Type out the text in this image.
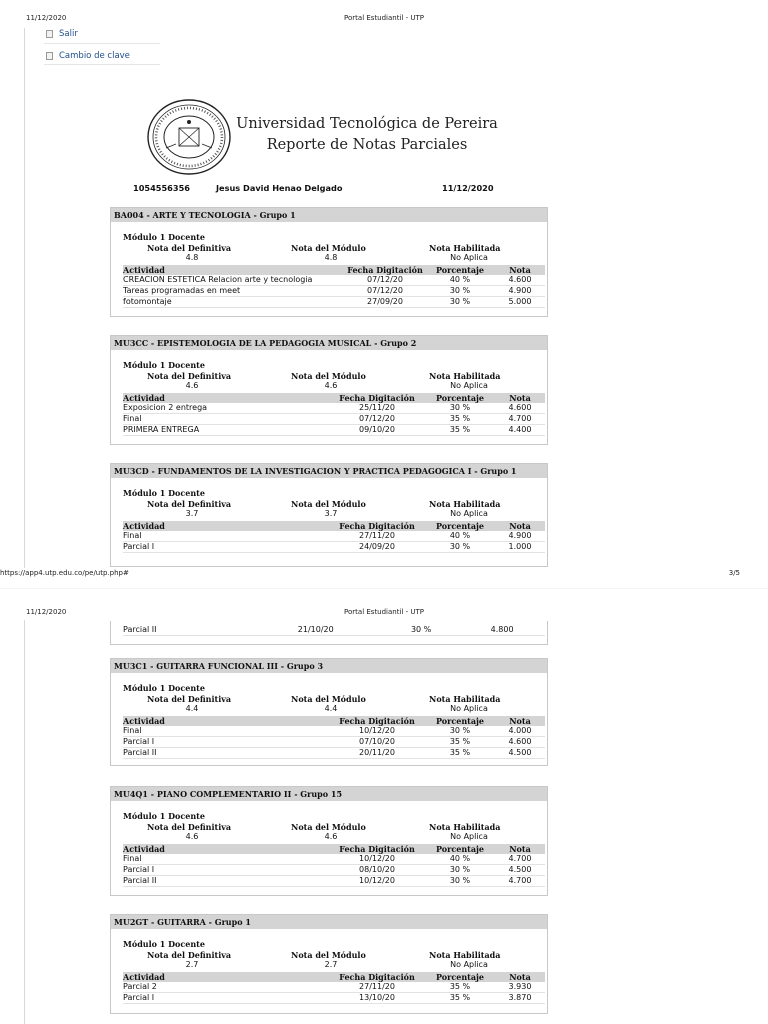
11/12/2020	Portal Estudiantil - UTP
Salir
Cambio de clave
Universidad Tecnológica de Pereira
Reporte de Notas Parciales
1054556356	Jesus David Henao Delgado	11/12/2020
BA004 - ARTE Y TECNOLOGIA - Grupo 1
Módulo 1 Docente
Nota del Definitiva	Nota del Módulo	Nota Habilitada
4.8	4.8	No Aplica
Actividad	Fecha Digitación	Porcentaje	Nota
CREACION ESTETICA Relacion arte y tecnologia	07/12/20	40 %	4.600
Tareas programadas en meet	07/12/20	30 %	4.900
fotomontaje	27/09/20	30 %	5.000
MU3CC - EPISTEMOLOGIA DE LA PEDAGOGIA MUSICAL - Grupo 2
Módulo 1 Docente
Nota del Definitiva	Nota del Módulo	Nota Habilitada
4.6	4.6	No Aplica
Actividad	Fecha Digitación	Porcentaje	Nota
Exposicion 2 entrega	25/11/20	30 %	4.600
Final	07/12/20	35 %	4.700
PRIMERA ENTREGA	09/10/20	35 %	4.400
MU3CD - FUNDAMENTOS DE LA INVESTIGACION Y PRACTICA PEDAGOGICA I - Grupo 1
Módulo 1 Docente
Nota del Definitiva	Nota del Módulo	Nota Habilitada
3.7	3.7	No Aplica
Actividad	Fecha Digitación	Porcentaje	Nota
Final	27/11/20	40 %	4.900
Parcial I	24/09/20	30 %	1.000
Parcial II	21/10/20	30 %	4.800
MU3C1 - GUITARRA FUNCIONAL III - Grupo 3
Módulo 1 Docente
Nota del Definitiva	Nota del Módulo	Nota Habilitada
4.4	4.4	No Aplica
Actividad	Fecha Digitación	Porcentaje	Nota
Final	10/12/20	30 %	4.000
Parcial I	07/10/20	35 %	4.600
Parcial II	20/11/20	35 %	4.500
MU4Q1 - PIANO COMPLEMENTARIO II - Grupo 15
Módulo 1 Docente
Nota del Definitiva	Nota del Módulo	Nota Habilitada
4.6	4.6	No Aplica
Actividad	Fecha Digitación	Porcentaje	Nota
Final	10/12/20	40 %	4.700
Parcial I	08/10/20	30 %	4.500
Parcial II	10/12/20	30 %	4.700
MU2GT - GUITARRA - Grupo 1
Módulo 1 Docente
Nota del Definitiva	Nota del Módulo	Nota Habilitada
2.7	2.7	No Aplica
Actividad	Fecha Digitación	Porcentaje	Nota
Parcial 2	27/11/20	35 %	3.930
Parcial I	13/10/20	35 %	3.870
https://app4.utp.edu.co/pe/utp.php#	3/5
11/12/2020	Portal Estudiantil - UTP
